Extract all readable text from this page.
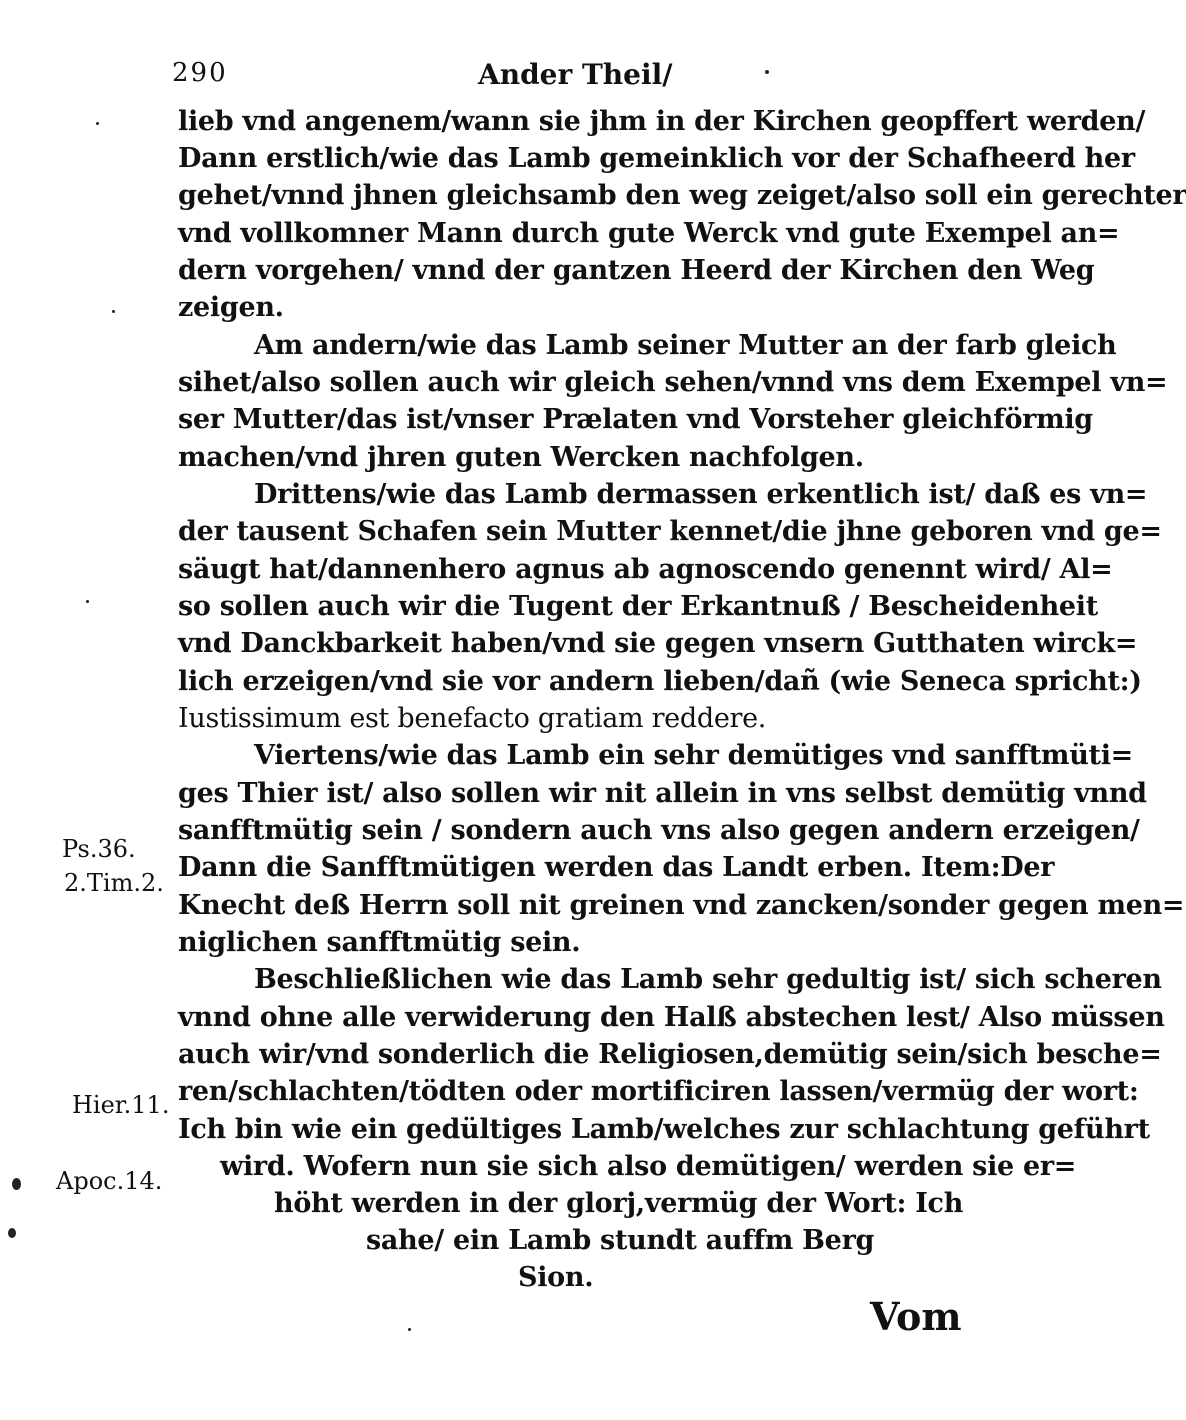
290	Ander Theil/
lieb vnd angenem/wann sie jhm in der Kirchen geopffert werden/
Dann erstlich/wie das Lamb gemeinklich vor der Schafheerd her
gehet/vnnd jhnen gleichsamb den weg zeiget/also soll ein gerechter
vnd vollkomner Mann durch gute Werck vnd gute Exempel an=
dern vorgehen/ vnnd der gantzen Heerd der Kirchen den Weg
zeigen.
Am andern/wie das Lamb seiner Mutter an der farb gleich
sihet/also sollen auch wir gleich sehen/vnnd vns dem Exempel vn=
ser Mutter/das ist/vnser Prælaten vnd Vorsteher gleichförmig
machen/vnd jhren guten Wercken nachfolgen.
Drittens/wie das Lamb dermassen erkentlich ist/ daß es vn=
der tausent Schafen sein Mutter kennet/die jhne geboren vnd ge=
säugt hat/dannenhero agnus ab agnoscendo genennt wird/ Al=
so sollen auch wir die Tugent der Erkantnuß / Bescheidenheit
vnd Danckbarkeit haben/vnd sie gegen vnsern Gutthaten wirck=
lich erzeigen/vnd sie vor andern lieben/dañ (wie Seneca spricht:)
Iustissimum est benefacto gratiam reddere.
Viertens/wie das Lamb ein sehr demütiges vnd sanfftmüti=
ges Thier ist/ also sollen wir nit allein in vns selbst demütig vnnd
sanfftmütig sein / sondern auch vns also gegen andern erzeigen/
Dann die Sanfftmütigen werden das Landt erben. Item:Der
Knecht deß Herrn soll nit greinen vnd zancken/sonder gegen men=
niglichen sanfftmütig sein.
Beschließlichen wie das Lamb sehr gedultig ist/ sich scheren
vnnd ohne alle verwiderung den Halß abstechen lest/ Also müssen
auch wir/vnd sonderlich die Religiosen,demütig sein/sich besche=
ren/schlachten/tödten oder mortificiren lassen/vermüg der wort:
Ich bin wie ein gedültiges Lamb/welches zur schlachtung geführt
wird. Wofern nun sie sich also demütigen/ werden sie er=
höht werden in der glorj,vermüg der Wort: Ich
sahe/ ein Lamb stundt auffm Berg
Sion.
Ps.36.
2.Tim.2.
Hier.11.
Apoc.14.
Vom
